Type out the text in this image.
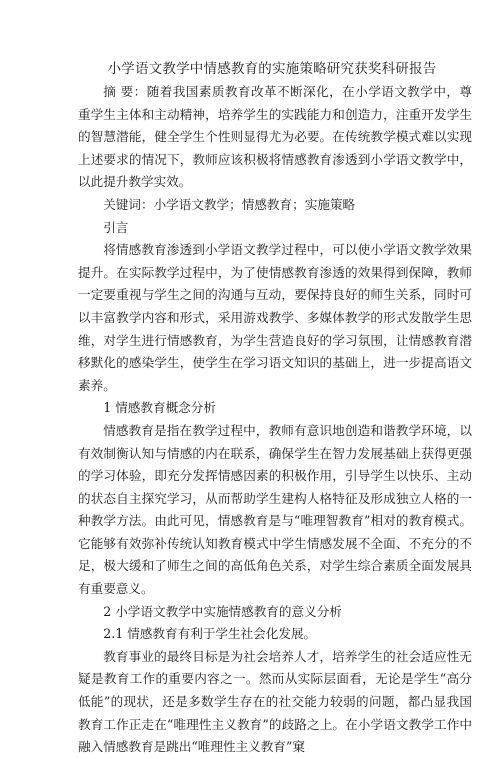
小学语文教学中情感教育的实施策略研究获奖科研报告

摘 要：随着我国素质教育改革不断深化，在小学语文教学中，尊重学生主体和主动精神，培养学生的实践能力和创造力，注重开发学生的智慧潜能，健全学生个性则显得尤为必要。在传统教学模式难以实现上述要求的情况下，教师应该积极将情感教育渗透到小学语文教学中，以此提升教学实效。

关键词：小学语文教学；情感教育；实施策略

引言

将情感教育渗透到小学语文教学过程中，可以使小学语文教学效果提升。在实际教学过程中，为了使情感教育渗透的效果得到保障，教师一定要重视与学生之间的沟通与互动，要保持良好的师生关系，同时可以丰富教学内容和形式，采用游戏教学、多媒体教学的形式发散学生思维，对学生进行情感教育，为学生营造良好的学习氛围，让情感教育潜移默化的感染学生，使学生在学习语文知识的基础上，进一步提高语文素养。

1 情感教育概念分析

情感教育是指在教学过程中，教师有意识地创造和谐教学环境，以有效制衡认知与情感的内在联系，确保学生在智力发展基础上获得更强的学习体验，即充分发挥情感因素的积极作用，引导学生以快乐、主动的状态自主探究学习，从而帮助学生建构人格特征及形成独立人格的一种教学方法。由此可见，情感教育是与“唯理智教育”相对的教育模式。它能够有效弥补传统认知教育模式中学生情感发展不全面、不充分的不足，极大缓和了师生之间的高低角色关系，对学生综合素质全面发展具有重要意义。

2 小学语文教学中实施情感教育的意义分析

2.1 情感教育有利于学生社会化发展。

教育事业的最终目标是为社会培养人才，培养学生的社会适应性无疑是教育工作的重要内容之一。然而从实际层面看，无论是学生“高分低能”的现状，还是多数学生存在的社交能力较弱的问题，都凸显我国教育工作正走在“唯理性主义教育”的歧路之上。在小学语文教学工作中融入情感教育是跳出“唯理性主义教育”窠
